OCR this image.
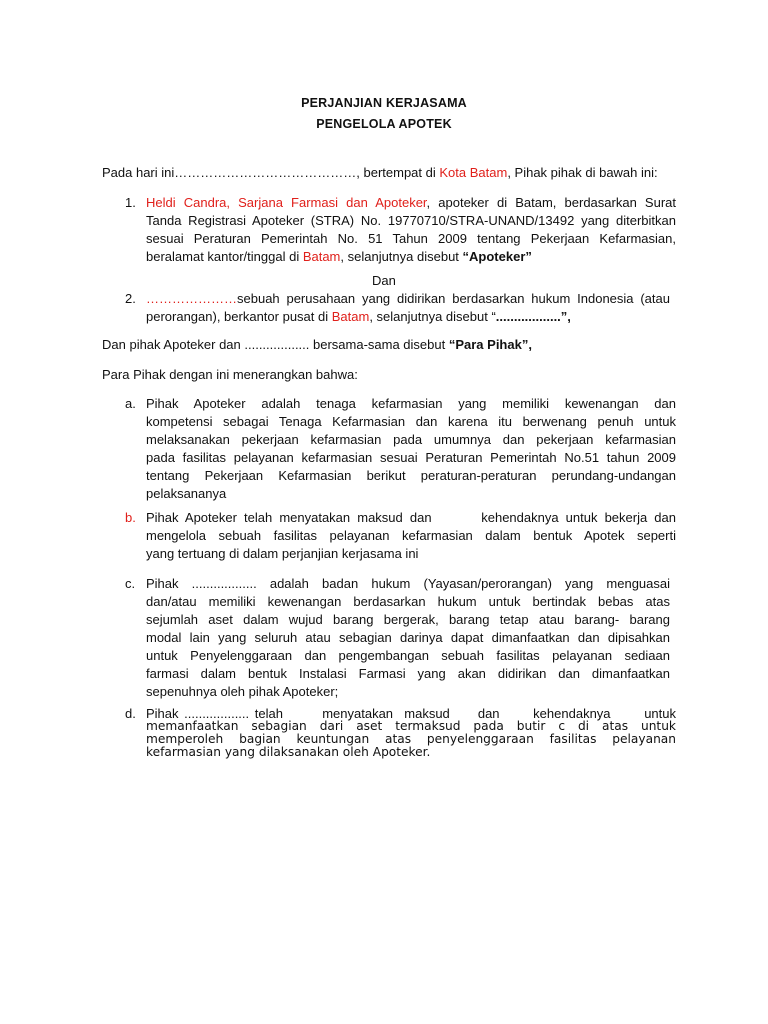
PERJANJIAN KERJASAMA
PENGELOLA APOTEK
Pada hari ini……………………………………, bertempat di Kota Batam, Pihak pihak di bawah ini:
1. Heldi Candra, Sarjana Farmasi dan Apoteker, apoteker di Batam, berdasarkan Surat
Tanda Registrasi Apoteker (STRA) No. 19770710/STRA-UNAND/13492 yang diterbitkan
sesuai Peraturan Pemerintah No. 51 Tahun 2009 tentang Pekerjaan Kefarmasian,
beralamat kantor/tinggal di Batam, selanjutnya disebut “Apoteker”
Dan
2. …………………sebuah perusahaan yang didirikan berdasarkan hukum Indonesia (atau
perorangan), berkantor pusat di Batam, selanjutnya disebut “..................”,
Dan pihak Apoteker dan .................. bersama-sama disebut “Para Pihak”,
Para Pihak dengan ini menerangkan bahwa:
a. Pihak Apoteker adalah tenaga kefarmasian yang memiliki kewenangan dan
kompetensi sebagai Tenaga Kefarmasian dan karena itu berwenang penuh untuk
melaksanakan pekerjaan kefarmasian pada umumnya dan pekerjaan kefarmasian
pada fasilitas pelayanan kefarmasian sesuai Peraturan Pemerintah No.51 tahun 2009
tentang Pekerjaan Kefarmasian berikut peraturan-peraturan perundang-undangan
pelaksananya
b. Pihak Apoteker telah menyatakan maksud dan       kehendaknya untuk bekerja dan
mengelola sebuah fasilitas pelayanan kefarmasian dalam bentuk Apotek seperti
yang tertuang di dalam perjanjian kerjasama ini
c. Pihak .................. adalah badan hukum (Yayasan/perorangan) yang menguasai
dan/atau memiliki kewenangan berdasarkan hukum untuk bertindak bebas atas
sejumlah aset dalam wujud barang bergerak, barang tetap atau barang- barang
modal lain yang seluruh atau sebagian darinya dapat dimanfaatkan dan dipisahkan
untuk Penyelenggaraan dan pengembangan sebuah fasilitas pelayanan sediaan
farmasi dalam bentuk Instalasi Farmasi yang akan didirikan dan dimanfaatkan
sepenuhnya oleh pihak Apoteker;
d. Pihak .................. telah       menyatakan  maksud     dan      kehendaknya      untuk
memanfaatkan sebagian dari aset termaksud pada butir c di atas untuk
memperoleh bagian keuntungan atas penyelenggaraan fasilitas pelayanan
kefarmasian yang dilaksanakan oleh Apoteker.
